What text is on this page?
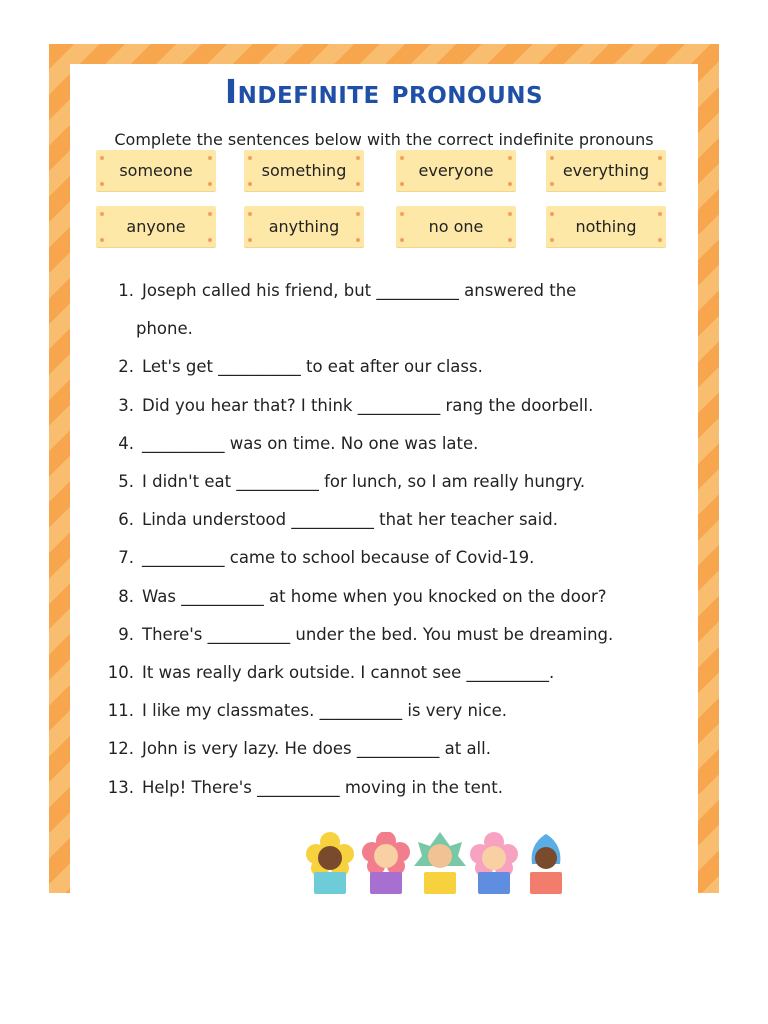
Indefinite pronouns
Complete the sentences below with the correct indefinite pronouns
someone	something	everyone	everything
anyone	anything	no one	nothing
1. Joseph called his friend, but __________ answered the
phone.
2. Let's get __________ to eat after our class.
3. Did you hear that? I think __________ rang the doorbell.
4. __________ was on time. No one was late.
5. I didn't eat __________ for lunch, so I am really hungry.
6. Linda understood __________ that her teacher said.
7. __________ came to school because of Covid-19.
8. Was __________ at home when you knocked on the door?
9. There's __________ under the bed. You must be dreaming.
10. It was really dark outside. I cannot see __________.
11. I like my classmates. __________ is very nice.
12. John is very lazy. He does __________ at all.
13. Help! There's __________ moving in the tent.
